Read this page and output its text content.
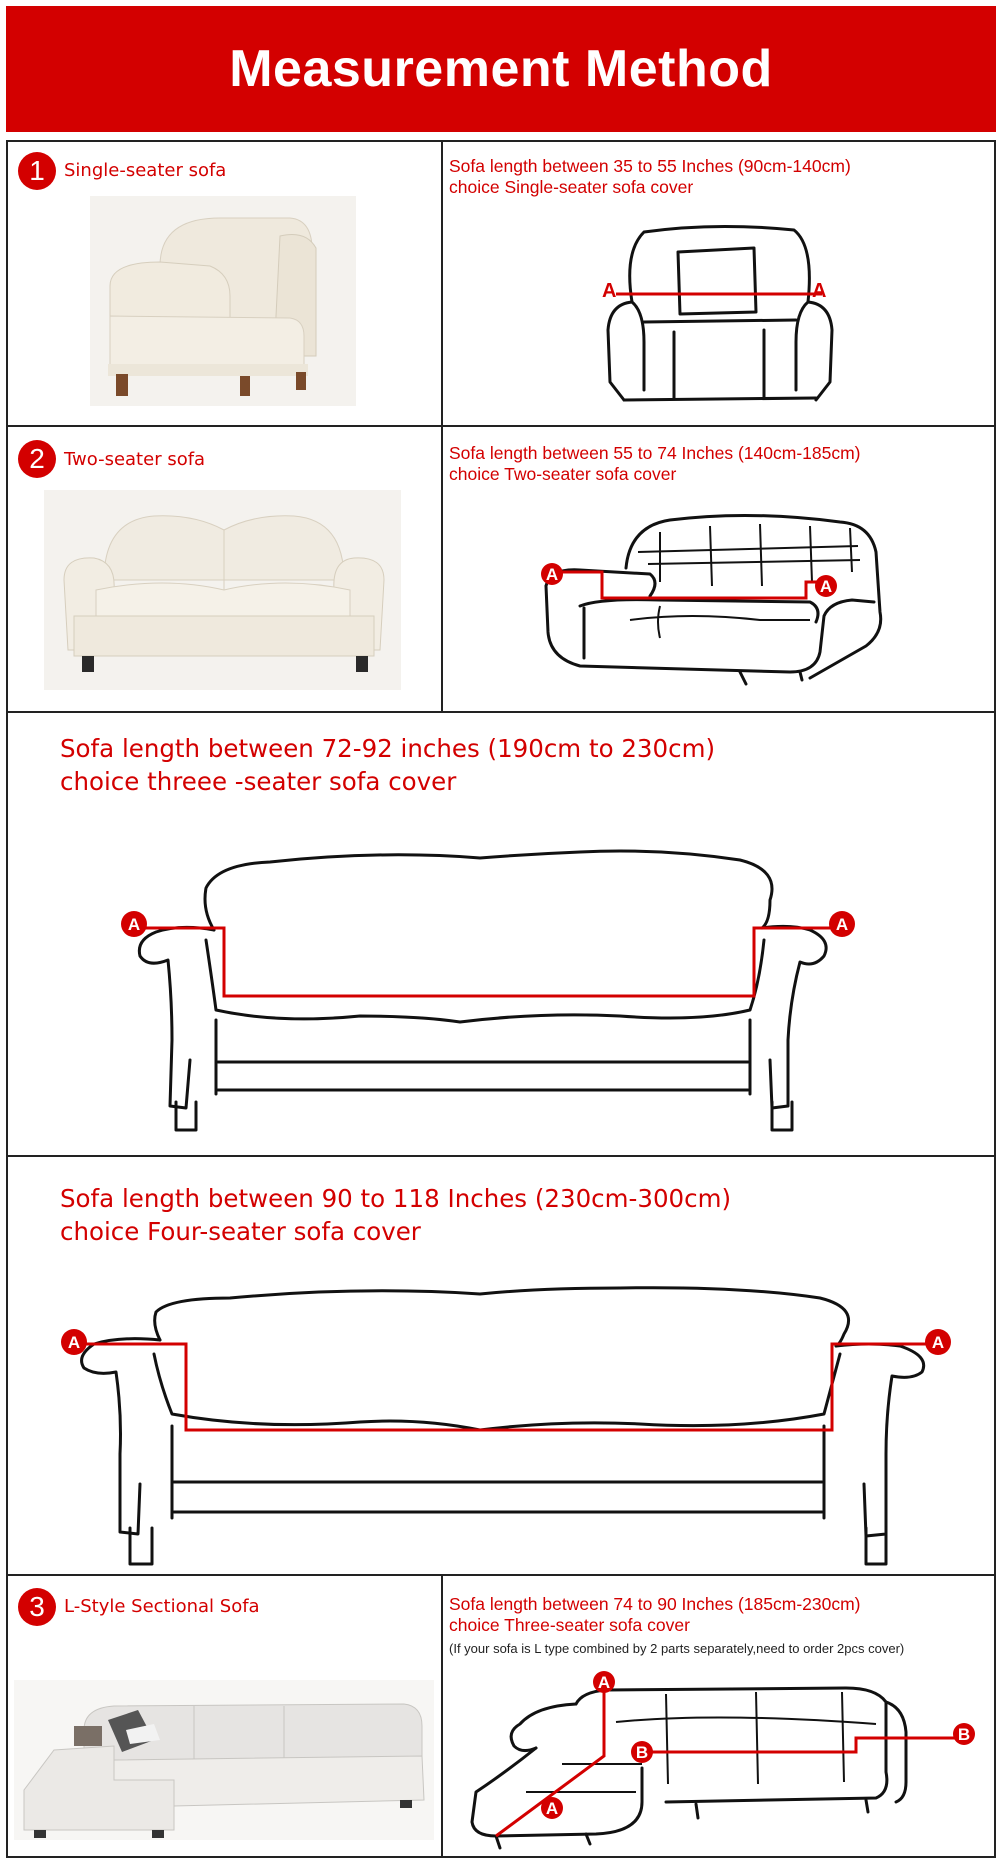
Measurement Method
1	Single-seater sofa	Sofa length between 35 to 55 Inches (90cm-140cm)
choice Single-seater sofa cover
A	A
2	Two-seater sofa	Sofa length between 55 to 74 Inches (140cm-185cm)
choice Two-seater sofa cover
A
A
Sofa length between 72-92 inches (190cm to 230cm)
choice threee -seater sofa cover
A	A
Sofa length between 90 to 118 Inches (230cm-300cm)
choice Four-seater sofa cover
A	A
3	L-Style Sectional Sofa	Sofa length between 74 to 90 Inches (185cm-230cm)
choice Three-seater sofa cover
(If your sofa is L type combined by 2 parts separately,need to order 2pcs cover)
A
A
B
B
